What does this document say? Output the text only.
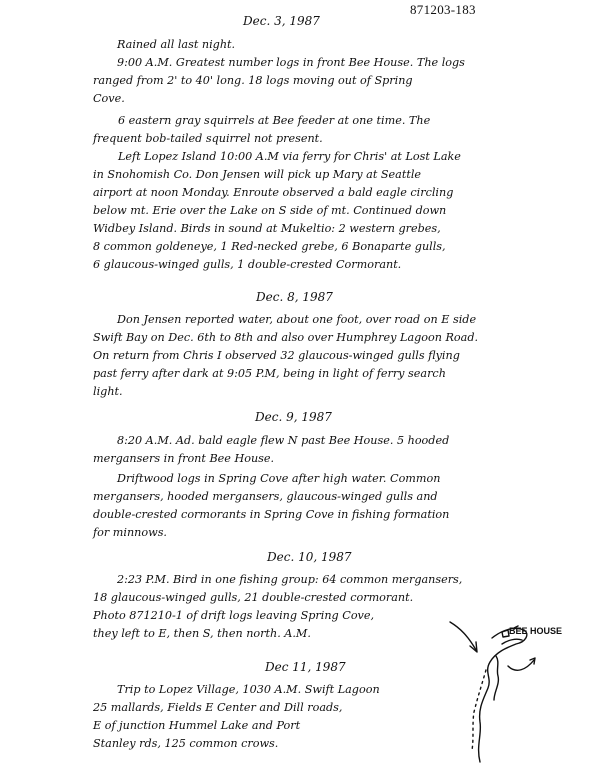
871203-183
Dec. 3, 1987
Rained all last night.
9:00 A.M. Greatest number logs in front Bee House. The logs
ranged from 2' to 40' long. 18 logs moving out of Spring
Cove.
6 eastern gray squirrels at Bee feeder at one time. The
frequent bob-tailed squirrel not present.
Left Lopez Island 10:00 A.M via ferry for Chris' at Lost Lake
in Snohomish Co. Don Jensen will pick up Mary at Seattle
airport at noon Monday. Enroute observed a bald eagle circling
below mt. Erie over the Lake on S side of mt. Continued down
Widbey Island. Birds in sound at Mukeltio: 2 western grebes,
8 common goldeneye, 1 Red-necked grebe, 6 Bonaparte gulls,
6 glaucous-winged gulls, 1 double-crested Cormorant.
Dec. 8, 1987
Don Jensen reported water, about one foot, over road on E side
Swift Bay on Dec. 6th to 8th and also over Humphrey Lagoon Road.
On return from Chris I observed 32 glaucous-winged gulls flying
past ferry after dark at 9:05 P.M, being in light of ferry search
light.
Dec. 9, 1987
8:20 A.M. Ad. bald eagle flew N past Bee House. 5 hooded
mergansers in front Bee House.
Driftwood logs in Spring Cove after high water. Common
mergansers, hooded mergansers, glaucous-winged gulls and
double-crested cormorants in Spring Cove in fishing formation
for minnows.
Dec. 10, 1987
2:23 P.M. Bird in one fishing group: 64 common mergansers,
18 glaucous-winged gulls, 21 double-crested cormorant.
Photo 871210-1 of drift logs leaving Spring Cove,
they left to E, then S, then north. A.M.
Dec 11, 1987
Trip to Lopez Village, 1030 A.M. Swift Lagoon
25 mallards, Fields E Center and Dill roads,
E of junction Hummel Lake and Port
Stanley rds, 125 common crows.
BEE HOUSE
